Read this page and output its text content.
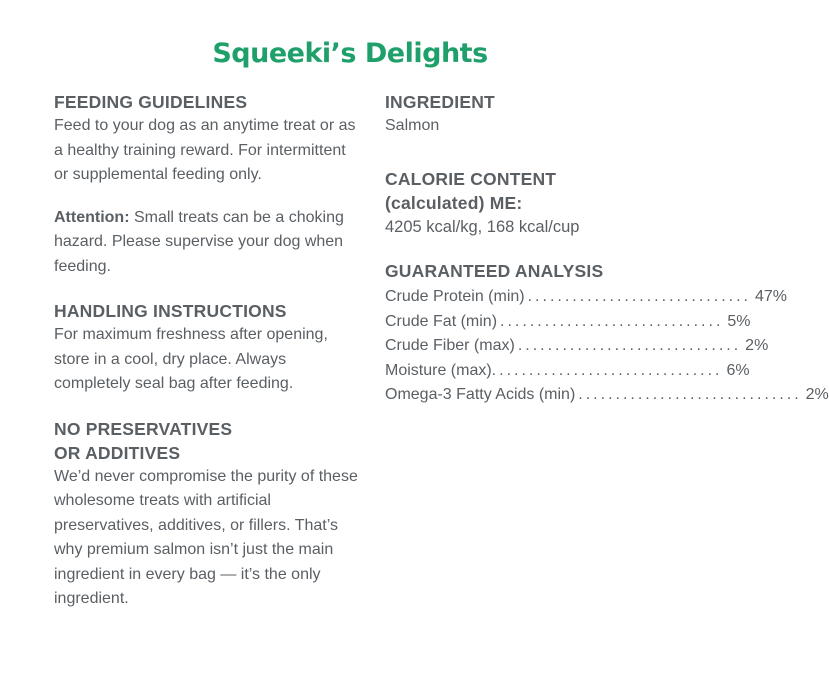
Squeeki’s Delights
FEEDING GUIDELINES
Feed to your dog as an anytime treat or as a healthy training reward. For intermittent or supplemental feeding only.
Attention: Small treats can be a choking hazard. Please supervise your dog when feeding.
HANDLING INSTRUCTIONS
For maximum freshness after opening, store in a cool, dry place. Always completely seal bag after feeding.
NO PRESERVATIVES
OR ADDITIVES
We’d never compromise the purity of these wholesome treats with artificial preservatives, additives, or fillers. That’s why premium salmon isn’t just the main ingredient in every bag — it’s the only ingredient.
INGREDIENT
Salmon
CALORIE CONTENT
(calculated) ME:
4205 kcal/kg, 168 kcal/cup
GUARANTEED ANALYSIS
Crude Protein (min) .............................. 47%
Crude Fat (min) .............................. 5%
Crude Fiber (max) .............................. 2%
Moisture (max). .............................. 6%
Omega-3 Fatty Acids (min) .............................. 2%
